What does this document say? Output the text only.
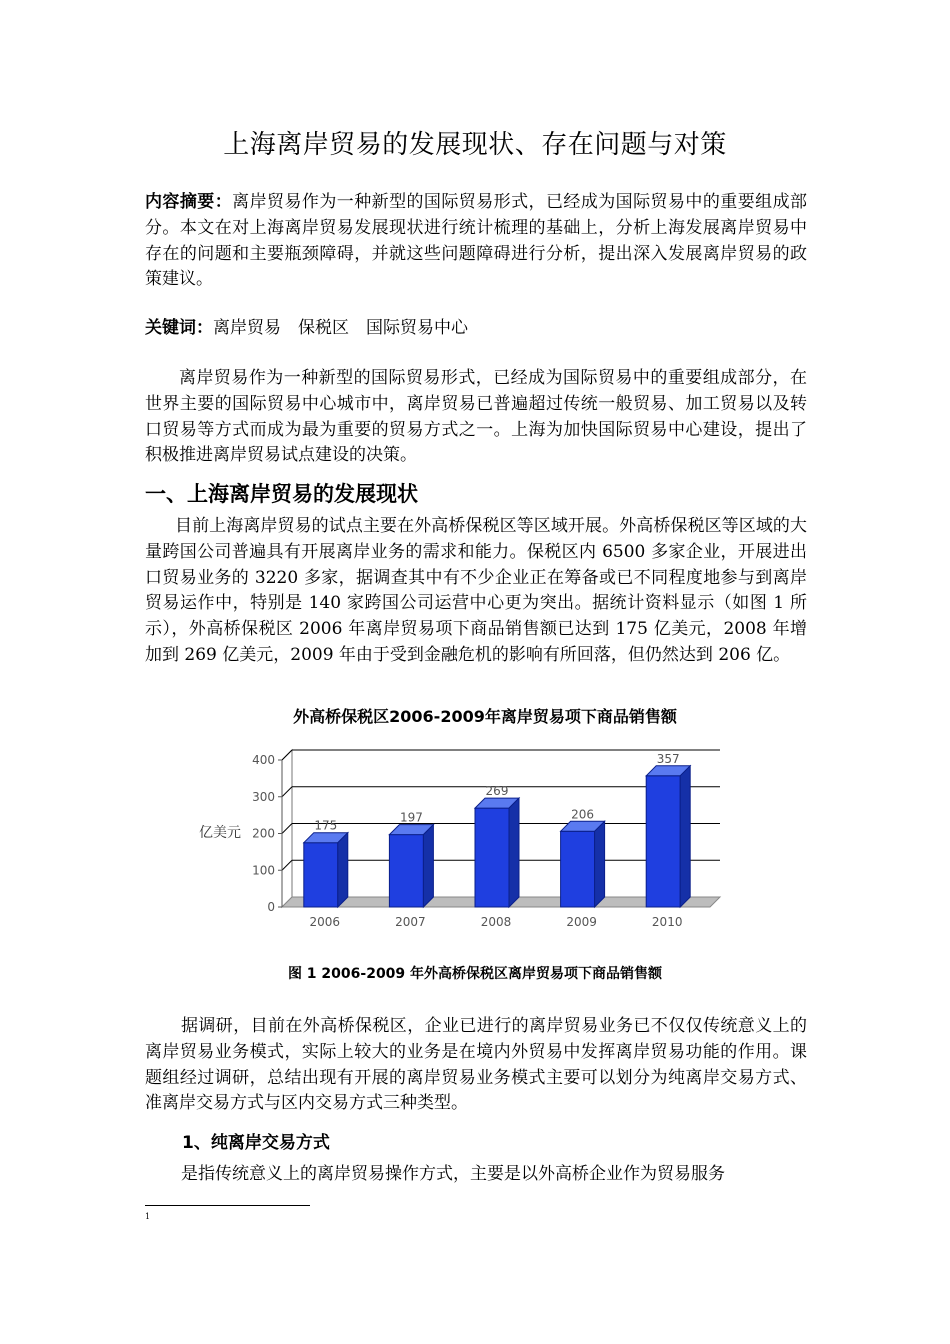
上海离岸贸易的发展现状、存在问题与对策

内容摘要：离岸贸易作为一种新型的国际贸易形式，已经成为国际贸易中的重要组成部分。本文在对上海离岸贸易发展现状进行统计梳理的基础上，分析上海发展离岸贸易中存在的问题和主要瓶颈障碍，并就这些问题障碍进行分析，提出深入发展离岸贸易的政策建议。

关键词：离岸贸易　保税区　国际贸易中心

离岸贸易作为一种新型的国际贸易形式，已经成为国际贸易中的重要组成部分，在世界主要的国际贸易中心城市中，离岸贸易已普遍超过传统一般贸易、加工贸易以及转口贸易等方式而成为最为重要的贸易方式之一。上海为加快国际贸易中心建设，提出了积极推进离岸贸易试点建设的决策。

一、上海离岸贸易的发展现状

目前上海离岸贸易的试点主要在外高桥保税区等区域开展。外高桥保税区等区域的大量跨国公司普遍具有开展离岸业务的需求和能力。保税区内 6500 多家企业，开展进出口贸易业务的 3220 多家，据调查其中有不少企业正在筹备或已不同程度地参与到离岸贸易运作中，特别是 140 家跨国公司运营中心更为突出。据统计资料显示（如图 1 所示），外高桥保税区 2006 年离岸贸易项下商品销售额已达到 175 亿美元，2008 年增加到 269 亿美元，2009 年由于受到金融危机的影响有所回落，但仍然达到 206 亿。

外高桥保税区2006-2009年离岸贸易项下商品销售额
0
100
200
300
400
亿美元	175
2006
197
2007
269
2008
206
2009
357
2010
图 1 2006-2009 年外高桥保税区离岸贸易项下商品销售额

据调研，目前在外高桥保税区，企业已进行的离岸贸易业务已不仅仅传统意义上的离岸贸易业务模式，实际上较大的业务是在境内外贸易中发挥离岸贸易功能的作用。课题组经过调研，总结出现有开展的离岸贸易业务模式主要可以划分为纯离岸交易方式、准离岸交易方式与区内交易方式三种类型。

1、纯离岸交易方式

是指传统意义上的离岸贸易操作方式，主要是以外高桥企业作为贸易服务

1
